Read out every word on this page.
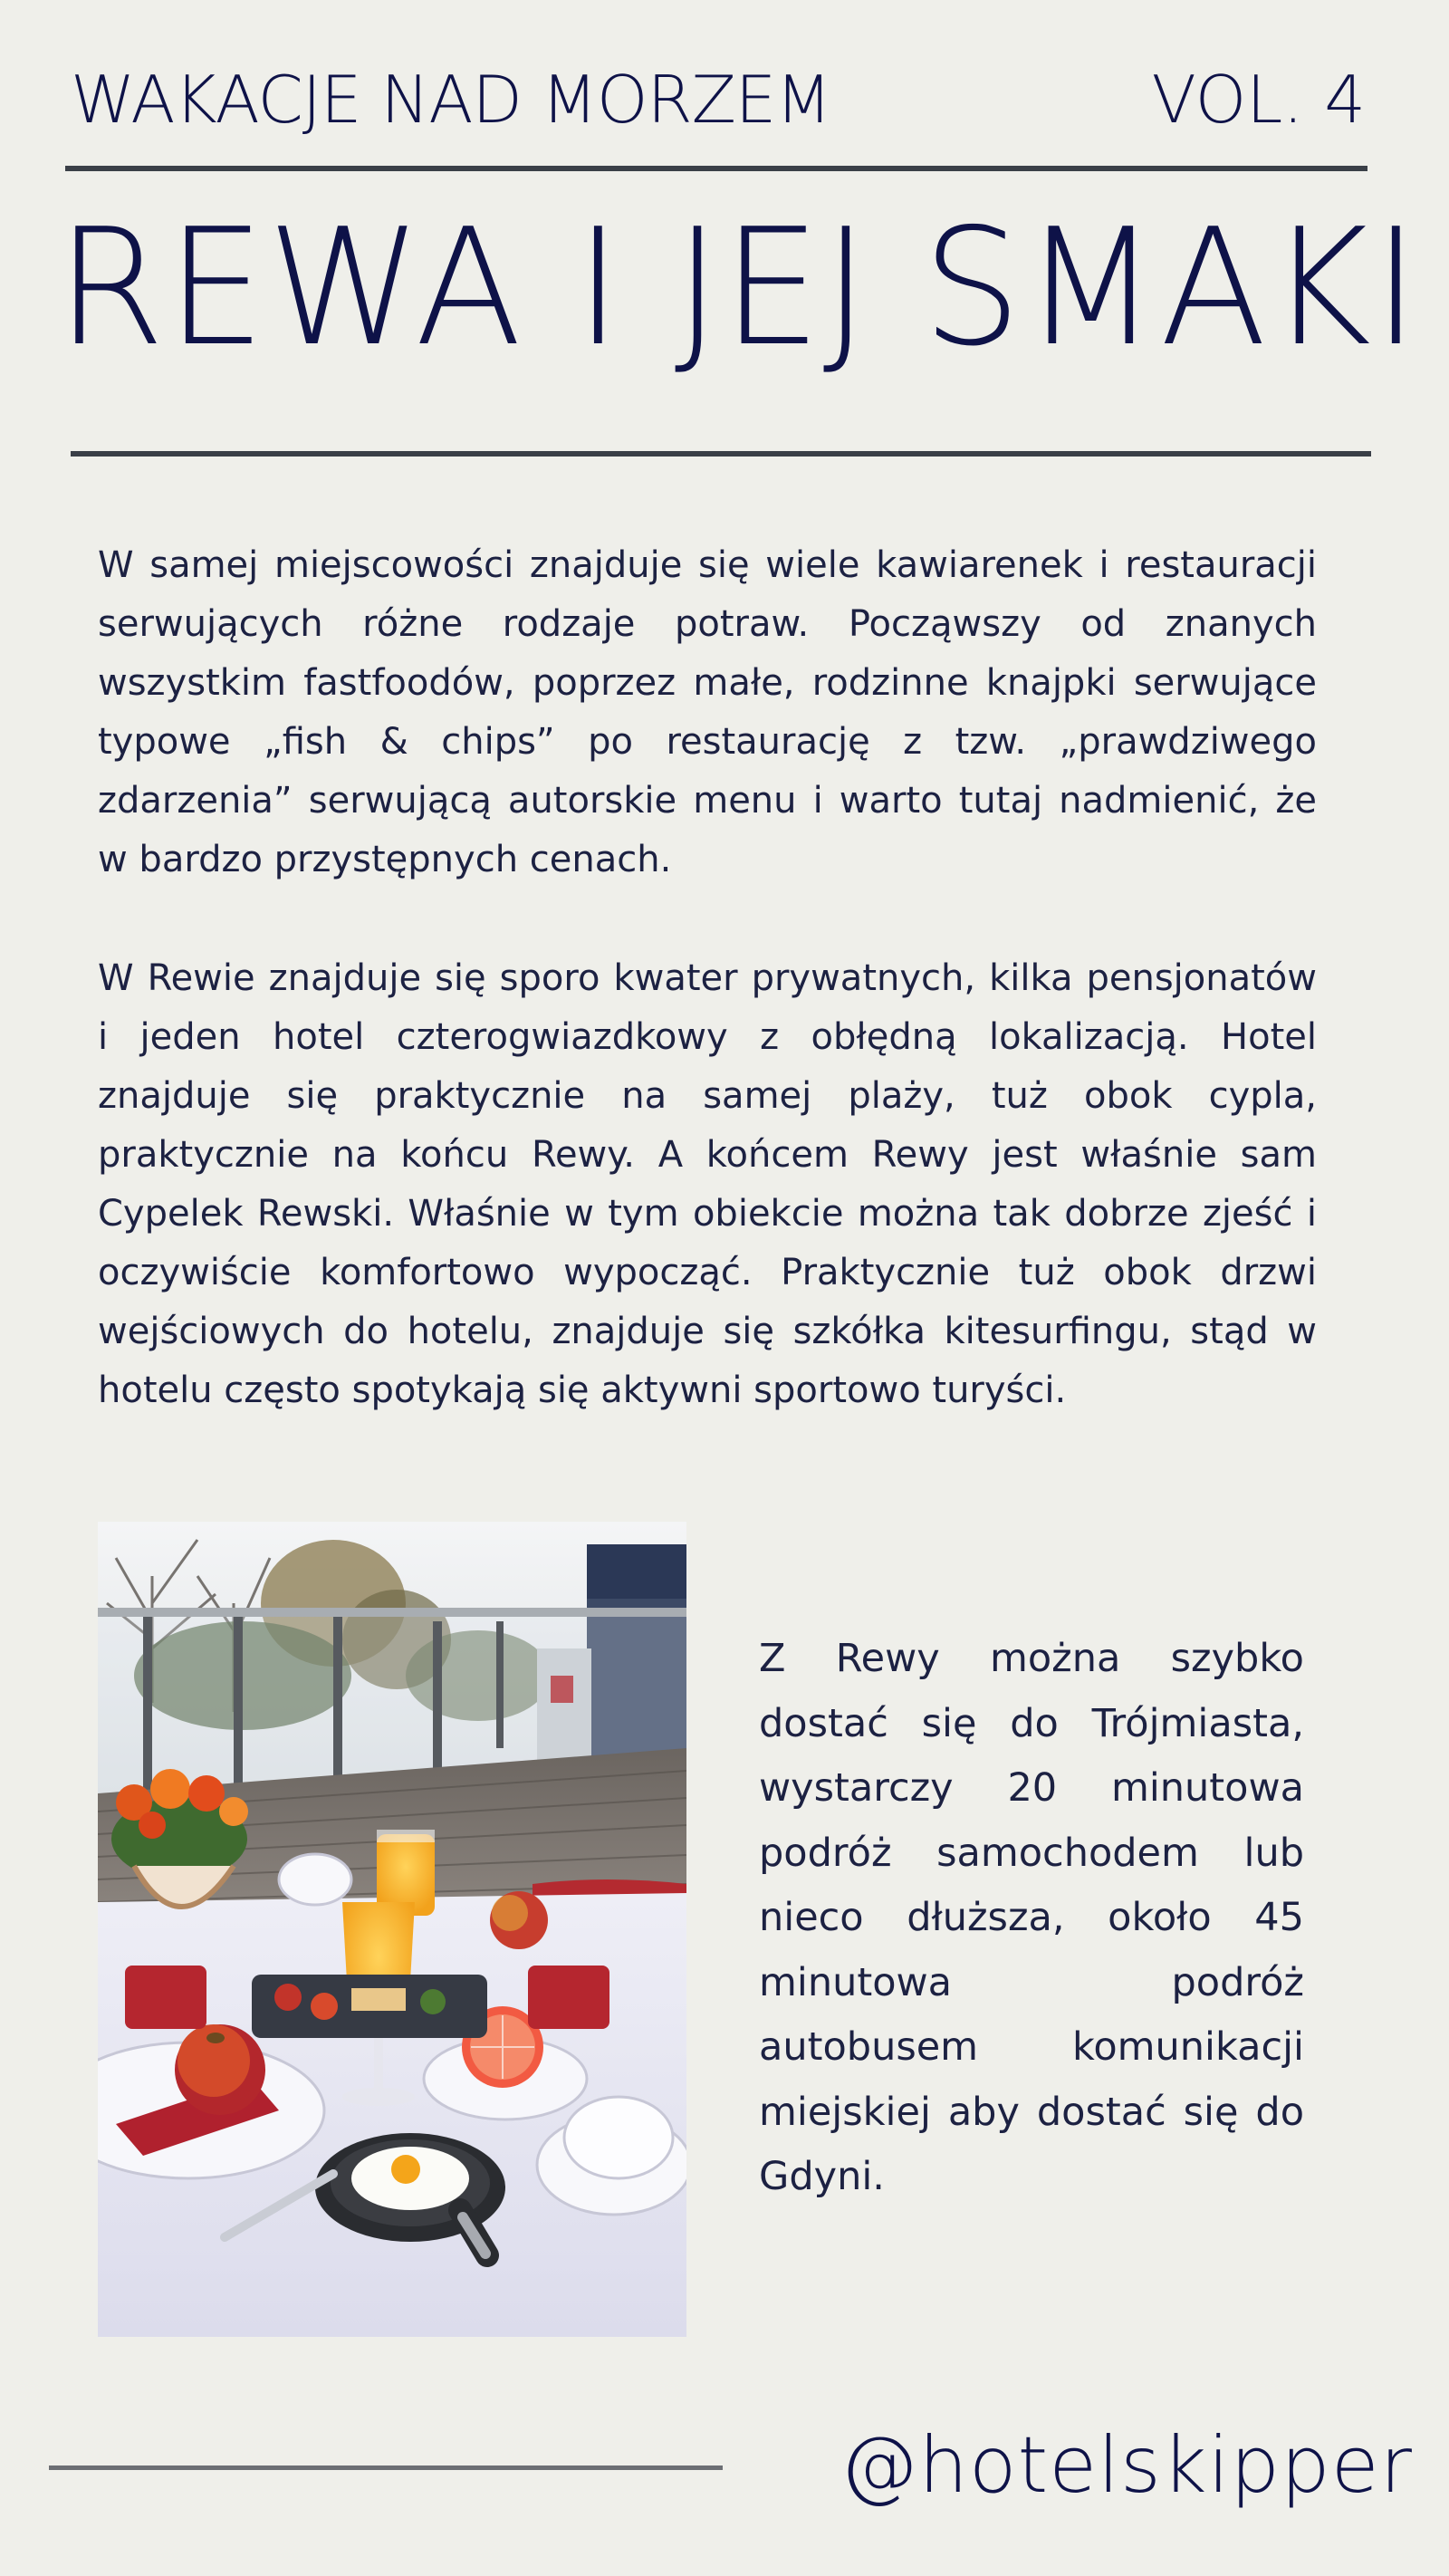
WAKACJE NAD MORZEM	VOL. 4
REWA I JEJ SMAKI

W samej miejscowości znajduje się wiele kawiarenek i restauracji serwujących różne rodzaje potraw. Począwszy od znanych wszystkim fastfoodów, poprzez małe, rodzinne knajpki serwujące typowe „fish & chips” po restaurację z tzw. „prawdziwego zdarzenia” serwującą autorskie menu i warto tutaj nadmienić, że w bardzo przystępnych cenach.

W Rewie znajduje się sporo kwater prywatnych, kilka pensjonatów i jeden hotel czterogwiazdkowy z obłędną lokalizacją. Hotel znajduje się praktycznie na samej plaży, tuż obok cypla, praktycznie na końcu Rewy. A końcem Rewy jest właśnie sam Cypelek Rewski. Właśnie w tym obiekcie można tak dobrze zjeść i oczywiście komfortowo wypocząć. Praktycznie tuż obok drzwi wejściowych do hotelu, znajduje się szkółka kitesurfingu, stąd w hotelu często spotykają się aktywni sportowo turyści.

Z Rewy można szybko dostać się do Trójmiasta, wystarczy 20 minutowa podróż samochodem lub nieco dłuższa, około 45 minutowa podróż autobusem komunikacji miejskiej aby dostać się do Gdyni.

@hotelskipper
